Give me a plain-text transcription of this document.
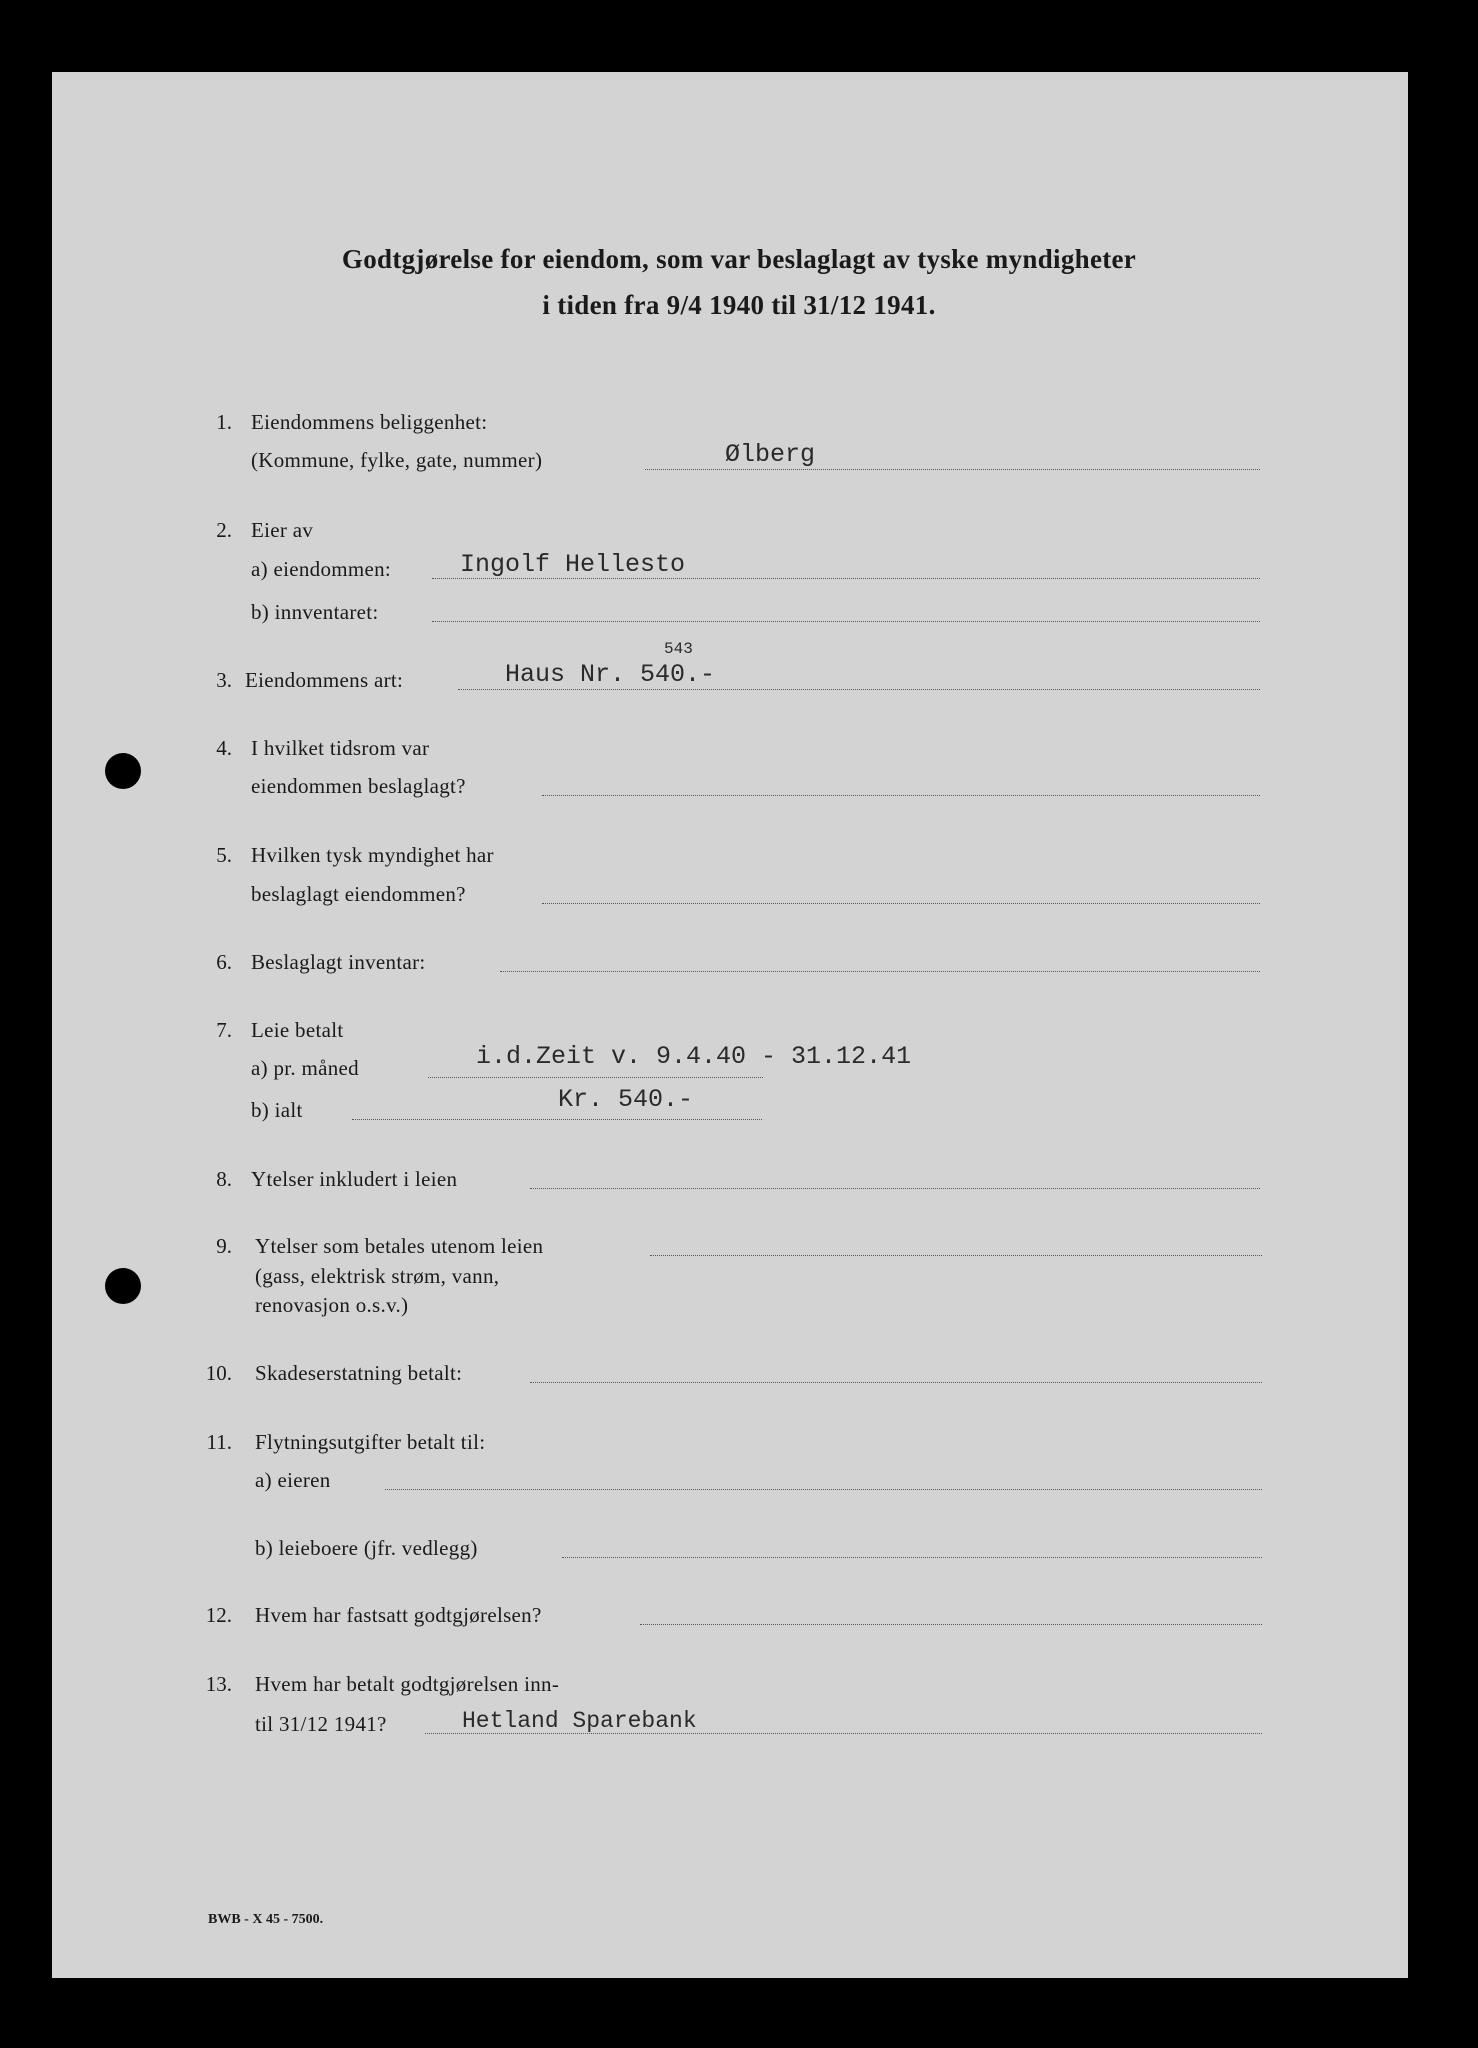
Godtgjørelse for eiendom, som var beslaglagt av tyske myndigheter
i tiden fra 9/4 1940 til 31/12 1941.
1. Eiendommens beliggenhet:
(Kommune, fylke, gate, nummer)	Ølberg
2. Eier av
a) eiendommen:	Ingolf Hellesto
b) innventaret:
3. Eiendommens art:	Haus Nr. 540.-
543
4. I hvilket tidsrom var
eiendommen beslaglagt?
5. Hvilken tysk myndighet har
beslaglagt eiendommen?
6. Beslaglagt inventar:
7. Leie betalt
a) pr. måned	i.d.Zeit v. 9.4.40 - 31.12.41
b) ialt	Kr. 540.-
8. Ytelser inkludert i leien
9. Ytelser som betales utenom leien
(gass, elektrisk strøm, vann,
renovasjon o.s.v.)
10. Skadeserstatning betalt:
11. Flytningsutgifter betalt til:
a) eieren
b) leieboere (jfr. vedlegg)
12. Hvem har fastsatt godtgjørelsen?
13. Hvem har betalt godtgjørelsen inn-
til 31/12 1941?	Hetland Sparebank
BWB - X 45 - 7500.
